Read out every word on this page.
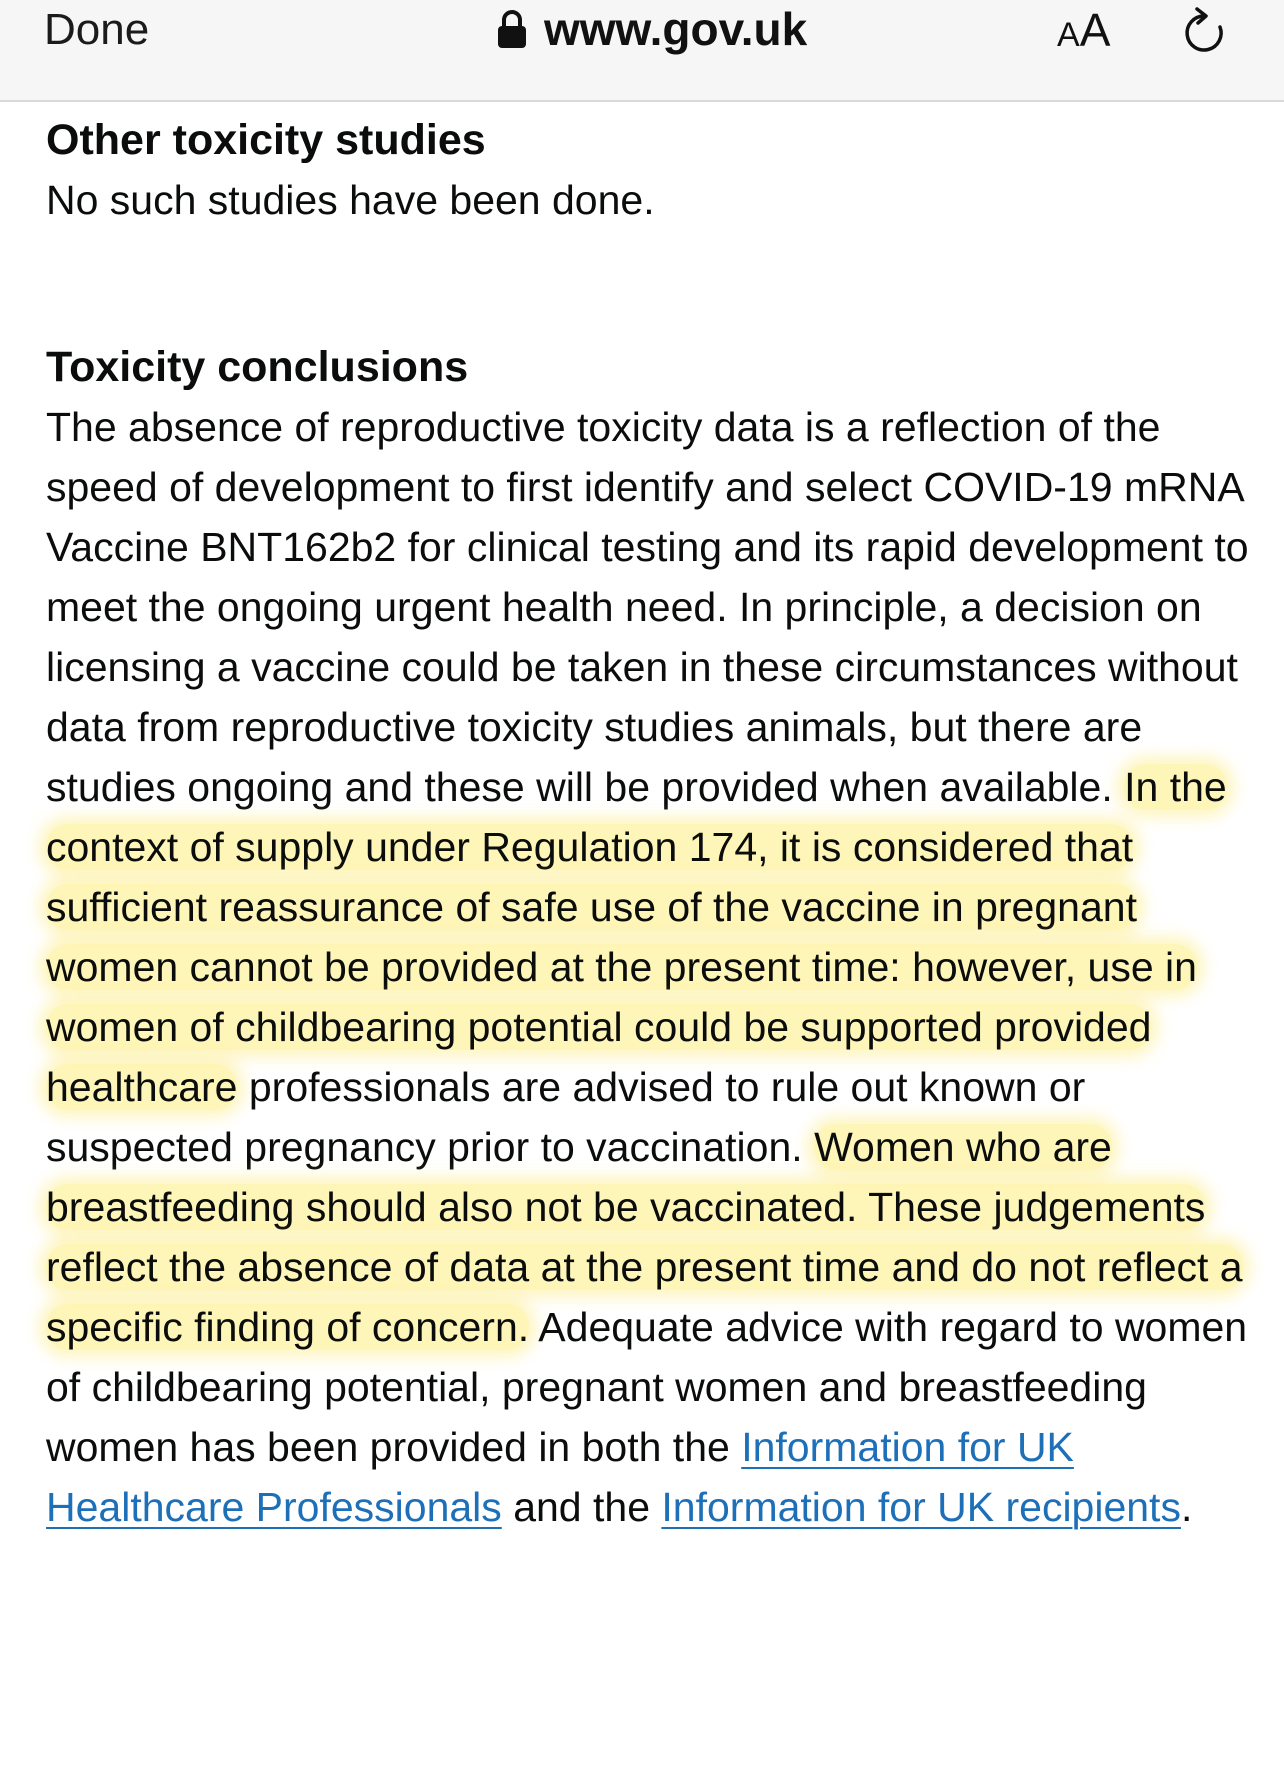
Done	www.gov.uk	AA
Other toxicity studies

No such studies have been done.

Toxicity conclusions

The absence of reproductive toxicity data is a reflection of the speed of development to first identify and select COVID-19 mRNA Vaccine BNT162b2 for clinical testing and its rapid development to meet the ongoing urgent health need. In principle, a decision on licensing a vaccine could be taken in these circumstances without data from reproductive toxicity studies animals, but there are studies ongoing and these will be provided when available. In the context of supply under Regulation 174, it is considered that sufficient reassurance of safe use of the vaccine in pregnant women cannot be provided at the present time: however, use in women of childbearing potential could be supported provided healthcare professionals are advised to rule out known or suspected pregnancy prior to vaccination. Women who are breastfeeding should also not be vaccinated. These judgements reflect the absence of data at the present time and do not reflect a specific finding of concern. Adequate advice with regard to women of childbearing potential, pregnant women and breastfeeding women has been provided in both the Information for UK Healthcare Professionals and the Information for UK recipients.
